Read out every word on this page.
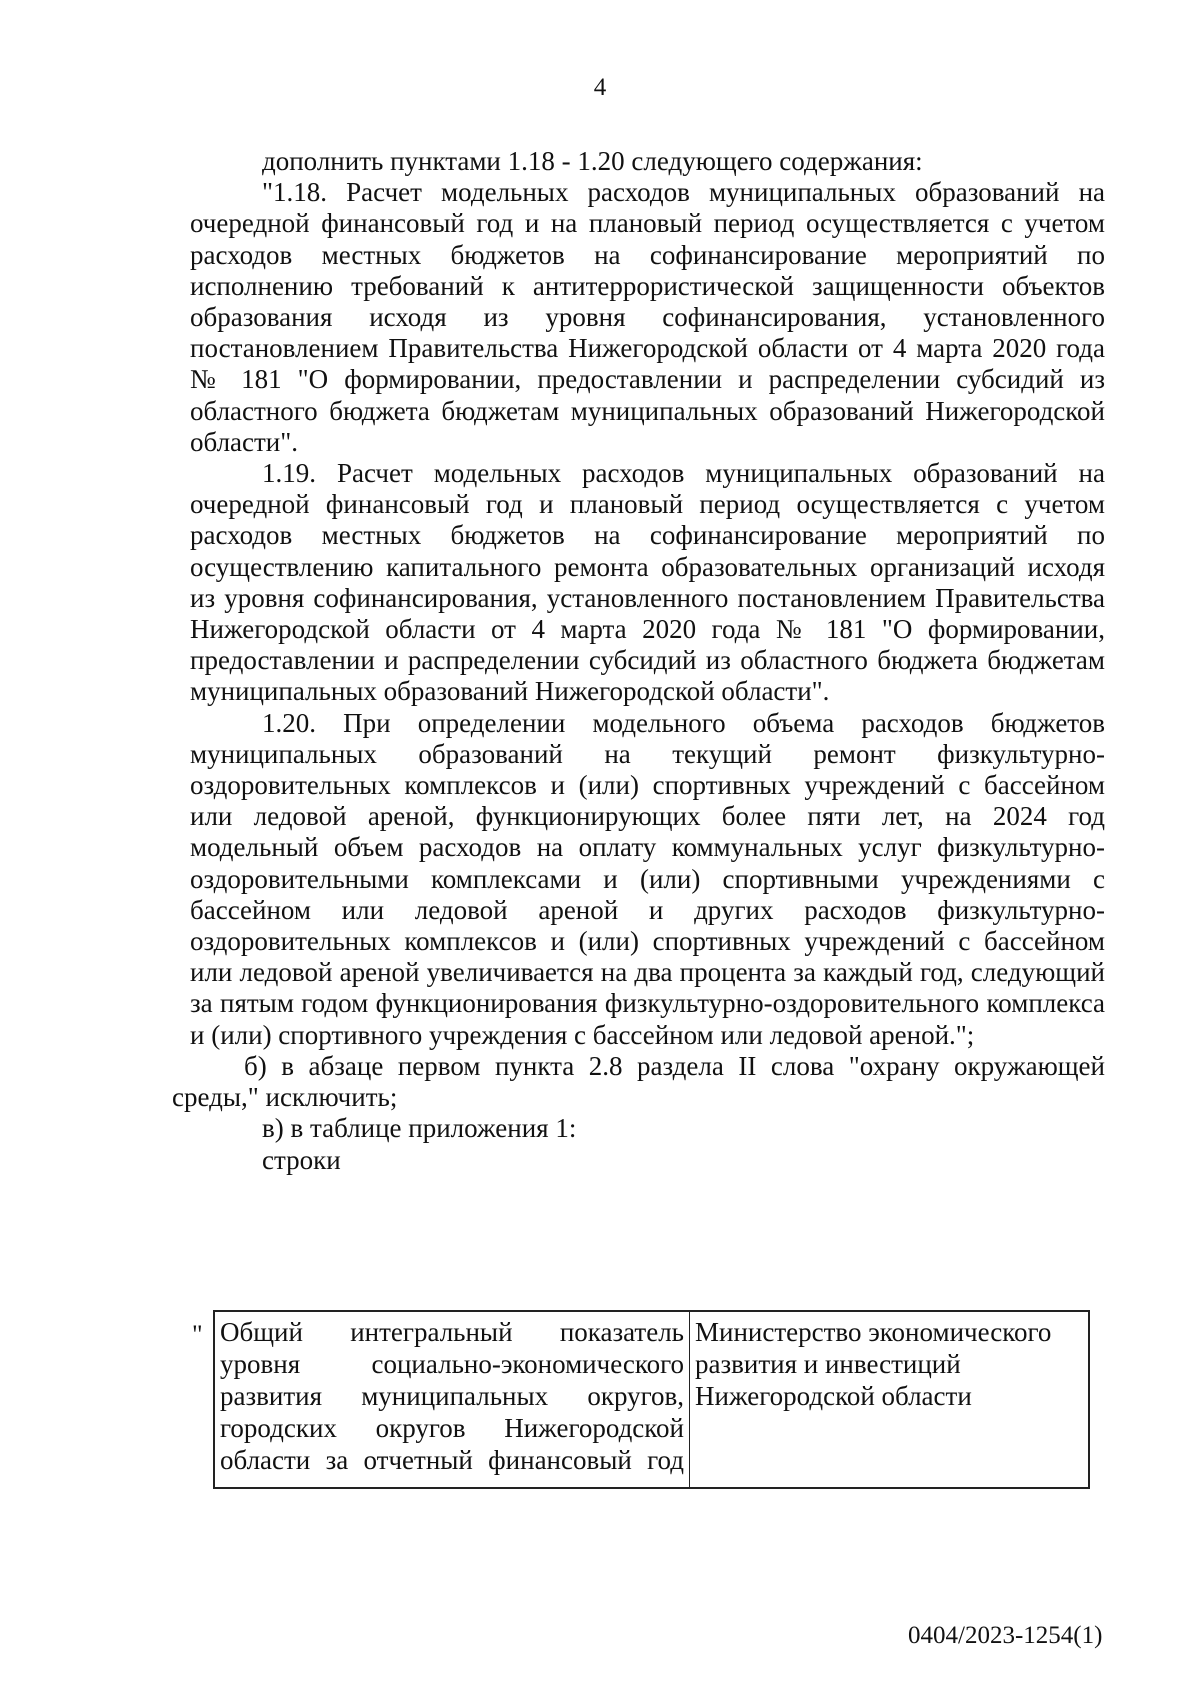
4

дополнить пунктами 1.18 - 1.20 следующего содержания:

"1.18. Расчет модельных расходов муниципальных образований на очередной финансовый год и на плановый период осуществляется с учетом расходов местных бюджетов на софинансирование мероприятий по исполнению требований к антитеррористической защищенности объектов образования исходя из уровня софинансирования, установленного постановлением Правительства Нижегородской области от 4 марта 2020 года № 181 "О формировании, предоставлении и распределении субсидий из областного бюджета бюджетам муниципальных образований Нижегородской области".

1.19. Расчет модельных расходов муниципальных образований на очередной финансовый год и плановый период осуществляется с учетом расходов местных бюджетов на софинансирование мероприятий по осуществлению капитального ремонта образовательных организаций исходя из уровня софинансирования, установленного постановлением Правительства Нижегородской области от 4 марта 2020 года № 181 "О формировании, предоставлении и распределении субсидий из областного бюджета бюджетам муниципальных образований Нижегородской области".

1.20. При определении модельного объема расходов бюджетов муниципальных образований на текущий ремонт физкультурно-оздоровительных комплексов и (или) спортивных учреждений с бассейном или ледовой ареной, функционирующих более пяти лет, на 2024 год модельный объем расходов на оплату коммунальных услуг физкультурно-оздоровительными комплексами и (или) спортивными учреждениями с бассейном или ледовой ареной и других расходов физкультурно-оздоровительных комплексов и (или) спортивных учреждений с бассейном или ледовой ареной увеличивается на два процента за каждый год, следующий за пятым годом функционирования физкультурно-оздоровительного комплекса и (или) спортивного учреждения с бассейном или ледовой ареной.";

б) в абзаце первом пункта 2.8 раздела II слова "охрану окружающей среды," исключить;

в) в таблице приложения 1:

строки

" Общий интегральный показатель уровня социально-экономического развития муниципальных округов, городских округов Нижегородской области за отчетный финансовый год
Министерство экономического развития и инвестиций Нижегородской области
0404/2023-1254(1)
